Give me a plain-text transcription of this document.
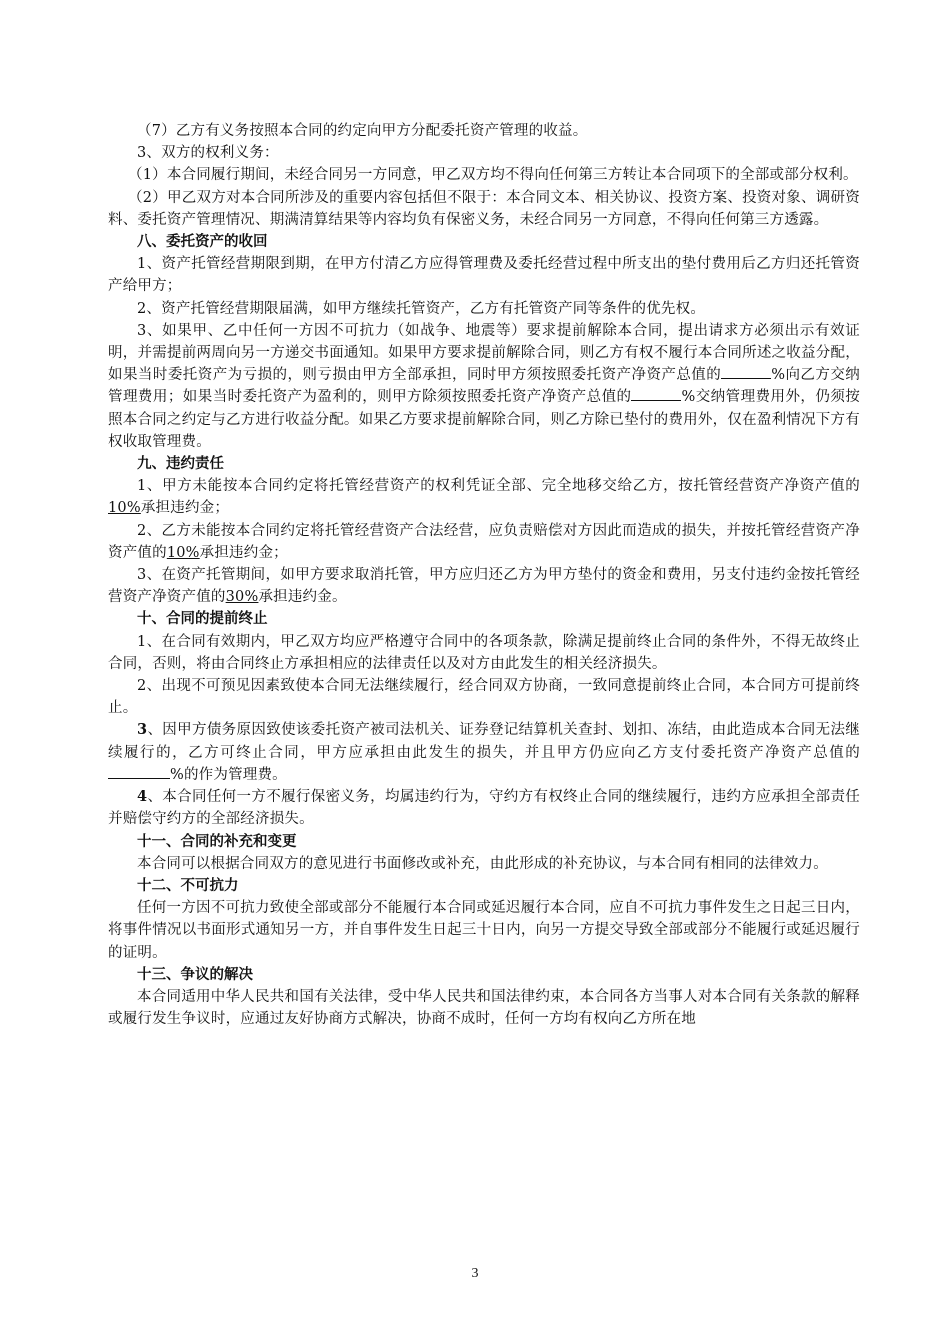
（7）乙方有义务按照本合同的约定向甲方分配委托资产管理的收益。

3、双方的权利义务：

（1）本合同履行期间，未经合同另一方同意，甲乙双方均不得向任何第三方转让本合同项下的全部或部分权利。

（2）甲乙双方对本合同所涉及的重要内容包括但不限于：本合同文本、相关协议、投资方案、投资对象、调研资料、委托资产管理情况、期满清算结果等内容均负有保密义务，未经合同另一方同意，不得向任何第三方透露。

八、委托资产的收回

1、资产托管经营期限到期，在甲方付清乙方应得管理费及委托经营过程中所支出的垫付费用后乙方归还托管资产给甲方；

2、资产托管经营期限届满，如甲方继续托管资产，乙方有托管资产同等条件的优先权。

3、如果甲、乙中任何一方因不可抗力（如战争、地震等）要求提前解除本合同，提出请求方必须出示有效证明，并需提前两周向另一方递交书面通知。如果甲方要求提前解除合同，则乙方有权不履行本合同所述之收益分配，如果当时委托资产为亏损的，则亏损由甲方全部承担，同时甲方须按照委托资产净资产总值的	%向乙方交纳管理费用；如果当时委托资产为盈利的，则甲方除须按照委托资产净资产总值的	%交纳管理费用外，仍须按照本合同之约定与乙方进行收益分配。如果乙方要求提前解除合同，则乙方除已垫付的费用外，仅在盈利情况下方有权收取管理费。

九、违约责任

1、甲方未能按本合同约定将托管经营资产的权利凭证全部、完全地移交给乙方，按托管经营资产净资产值的10%承担违约金；

2、乙方未能按本合同约定将托管经营资产合法经营，应负责赔偿对方因此而造成的损失，并按托管经营资产净资产值的10%承担违约金；

3、在资产托管期间，如甲方要求取消托管，甲方应归还乙方为甲方垫付的资金和费用，另支付违约金按托管经营资产净资产值的30%承担违约金。

十、合同的提前终止

1、在合同有效期内，甲乙双方均应严格遵守合同中的各项条款，除满足提前终止合同的条件外，不得无故终止合同，否则，将由合同终止方承担相应的法律责任以及对方由此发生的相关经济损失。

2、出现不可预见因素致使本合同无法继续履行，经合同双方协商，一致同意提前终止合同，本合同方可提前终止。

3、因甲方债务原因致使该委托资产被司法机关、证券登记结算机关查封、划扣、冻结，由此造成本合同无法继续履行的，乙方可终止合同，甲方应承担由此发生的损失，并且甲方仍应向乙方支付委托资产净资产总值的%的作为管理费。

4、本合同任何一方不履行保密义务，均属违约行为，守约方有权终止合同的继续履行，违约方应承担全部责任并赔偿守约方的全部经济损失。

十一、合同的补充和变更

本合同可以根据合同双方的意见进行书面修改或补充，由此形成的补充协议，与本合同有相同的法律效力。

十二、不可抗力

任何一方因不可抗力致使全部或部分不能履行本合同或延迟履行本合同，应自不可抗力事件发生之日起三日内，将事件情况以书面形式通知另一方，并自事件发生日起三十日内，向另一方提交导致全部或部分不能履行或延迟履行的证明。

十三、争议的解决

本合同适用中华人民共和国有关法律，受中华人民共和国法律约束，本合同各方当事人对本合同有关条款的解释或履行发生争议时，应通过友好协商方式解决，协商不成时，任何一方均有权向乙方所在地

3
